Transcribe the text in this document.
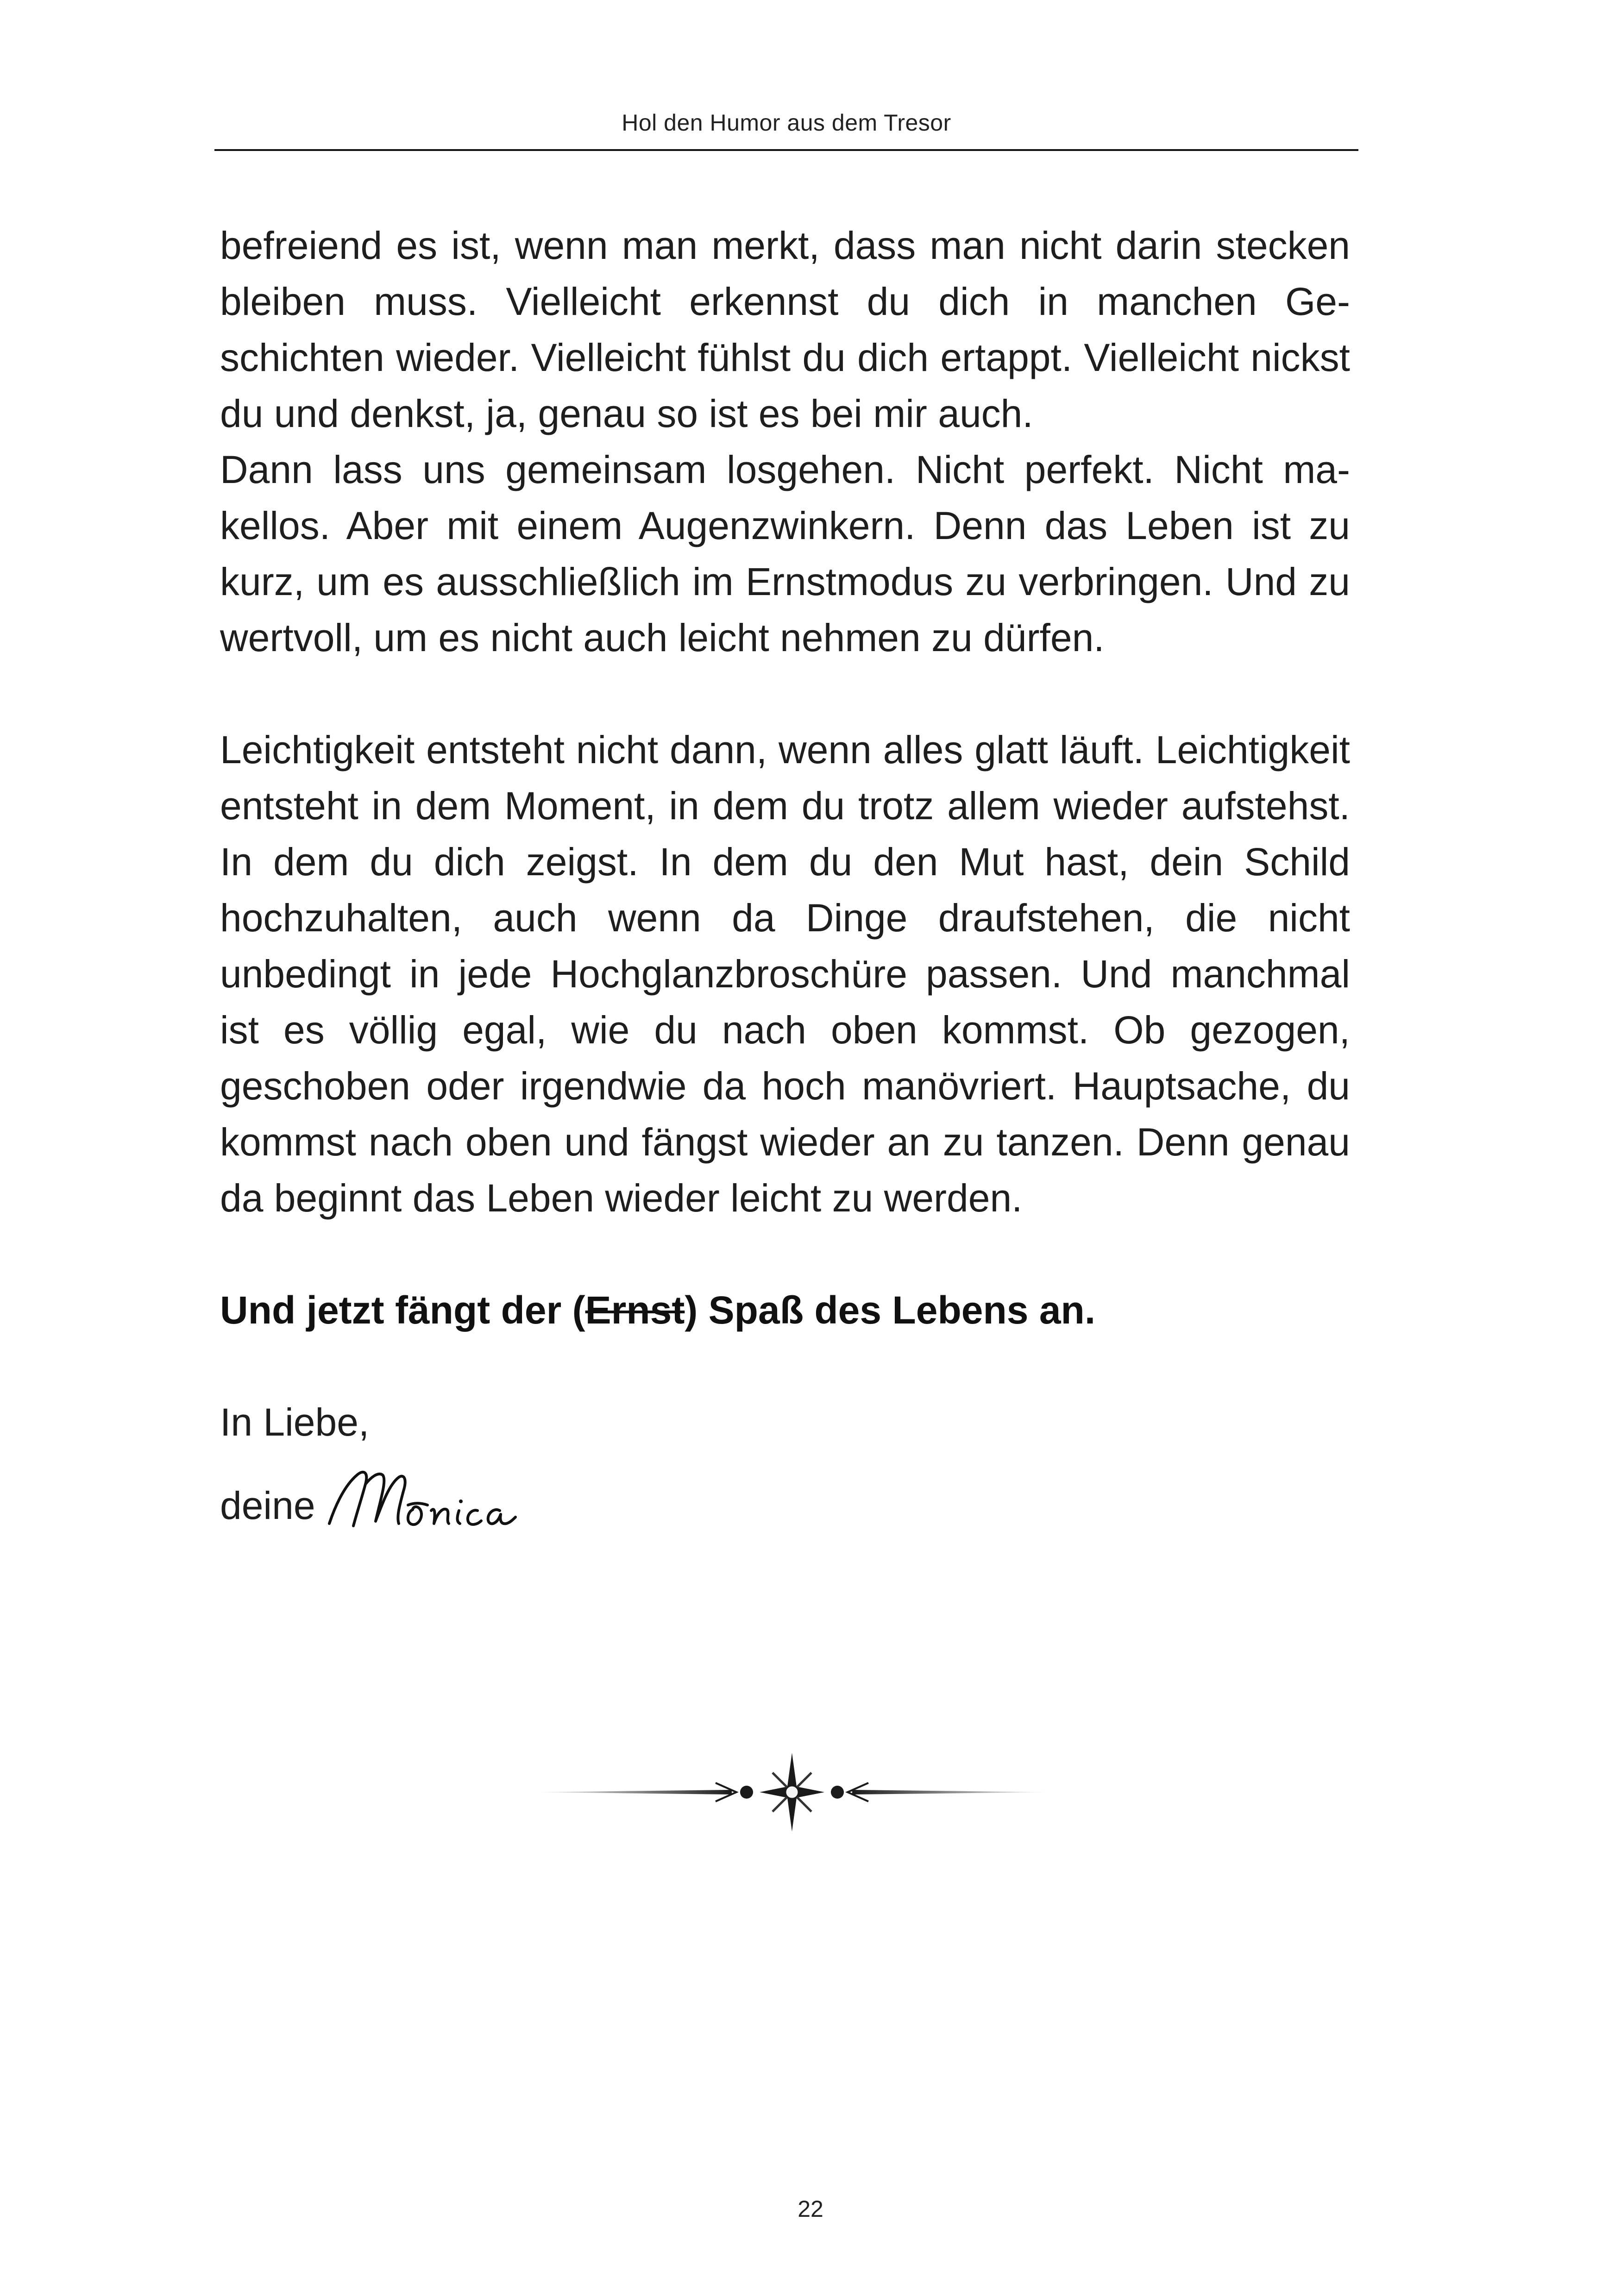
Hol den Humor aus dem Tresor

befreiend es ist, wenn man merkt, dass man nicht darin stecken bleiben muss. Vielleicht erkennst du dich in manchen Geschichten wieder. Vielleicht fühlst du dich ertappt. Vielleicht nickst du und denkst, ja, genau so ist es bei mir auch.

Dann lass uns gemeinsam losgehen. Nicht perfekt. Nicht makellos. Aber mit einem Augenzwinkern. Denn das Leben ist zu kurz, um es ausschließlich im Ernstmodus zu verbringen. Und zu wertvoll, um es nicht auch leicht nehmen zu dürfen.

Leichtigkeit entsteht nicht dann, wenn alles glatt läuft. Leichtigkeit entsteht in dem Moment, in dem du trotz allem wieder aufstehst. In dem du dich zeigst. In dem du den Mut hast, dein Schild hochzuhalten, auch wenn da Dinge draufstehen, die nicht unbedingt in jede Hochglanzbroschüre passen. Und manchmal ist es völlig egal, wie du nach oben kommst. Ob gezogen, geschoben oder irgendwie da hoch manövriert. Hauptsache, du kommst nach oben und fängst wieder an zu tanzen. Denn genau da beginnt das Leben wieder leicht zu werden.

Und jetzt fängt der (Ernst) Spaß des Lebens an.

In Liebe,

deine
22
